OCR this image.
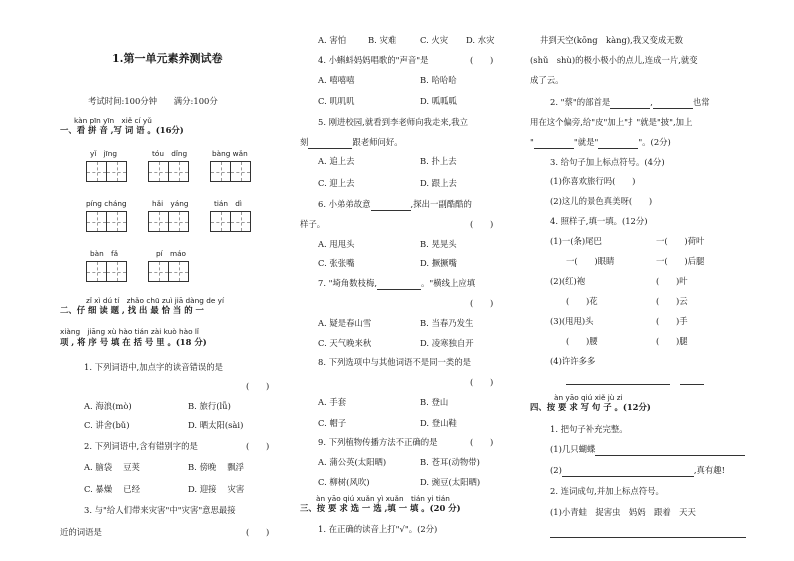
1.第一单元素养测试卷
考试时间:100分钟　　满分:100分
kàn pīn yīn　xiě cí yǔ
一、看 拼 音 ,写 词 语 。(16分)
yǐ　jīng	tóu　dǐng	bàng wǎn
píng cháng	hǎi　yáng	tián　dì
bàn　fǎ	pí　máo
zǐ xì dú tí　zhǎo chū zuì jiā dàng de yí
二、仔 细 读 题 , 找 出 最 恰 当 的 一
xiàng　jiāng xù hào tián zài kuò hào lǐ
项 , 将 序 号 填 在 括 号 里 。(18 分)
1. 下列词语中,加点字的读音错误的是
(　　)
A. 海浪(mò)	B. 旅行(lǚ)
C. 讲舍(bǔ)	D. 晒太阳(sài)
2. 下列词语中,含有错别字的是	(　　)
A. 脑袋　 豆荚	B. 傍晚　 飘浮
C. 暴燥　 已经	D. 迎接　 灾害
3. 与"给人们带来灾害"中"灾害"意思最接
近的词语是	(　　)
A. 害怕	B. 灾难	C. 火灾 D. 水灾
4. 小蝌蚪妈妈唱歌的"声音"是	(　　)
A. 嘻嘻嘻	B. 哈哈哈
C. 叽叽叽	D. 呱呱呱
5. 刚进校园,就看到李老师向我走来,我立
刻	跟老师问好。
A. 追上去	B. 扑上去
C. 迎上去	D. 跟上去
6. 小弟弟故意	,探出一副酷酷的
样子。	(　　)
A. 甩甩头	B. 晃晃头
C. 张张嘴	D. 撅撅嘴
7. "埼角数枝梅,	。"横线上应填
(　　)
A. 疑是春山雪	B. 当春乃发生
C. 天气晚来秋	D. 凌寒独自开
8. 下列选项中与其他词语不是同一类的是
(　　)
A. 手套	B. 登山
C. 帽子	D. 登山鞋
9. 下列植物传播方法不正确的是	(　　)
A. 蒲公英(太阳晒)	B. 苍耳(动物带)
C. 柳树(风吹)	D. 豌豆(太阳晒)
àn yāo qiú xuǎn yì xuǎn　tián yi tián
三、按 要 求 选 一 选 ,填 一 填 。(20 分)
1. 在正确的读音上打"√"。(2分)
井到天空(kōng　kàng),我又变成无数
(shǔ　shù)的极小极小的点儿,连成一片,就变
成了云。
2. "蔡"的部首是	,	也常
用在这个偏旁,给"皮"加上"扌"就是"披",加上
"	"就是"	"。(2分)
3. 给句子加上标点符号。(4分)
(1)你喜欢旅行吗(　　)
(2)这儿的景色真美呀(　　)
4. 照样子,填一填。(12分)
(1)一(条)尾巴	一(　　)荷叶
一(　　)眼睛	一(　　)后腿
(2)(红)袍	(　　)叶
(　　)花	(　　)云
(3)(甩甩)头	(　　)手
(　　)腰	(　　)腿
(4)许许多多
àn yāo qiú xiě jù zi
四、按 要 求 写 句 子 。(12分)
1. 把句子补充完整。
(1)几只蝴蝶
(2)	,真有趣!
2. 连词成句,并加上标点符号。
(1)小青蛙　捉害虫　妈妈　跟着　天天
